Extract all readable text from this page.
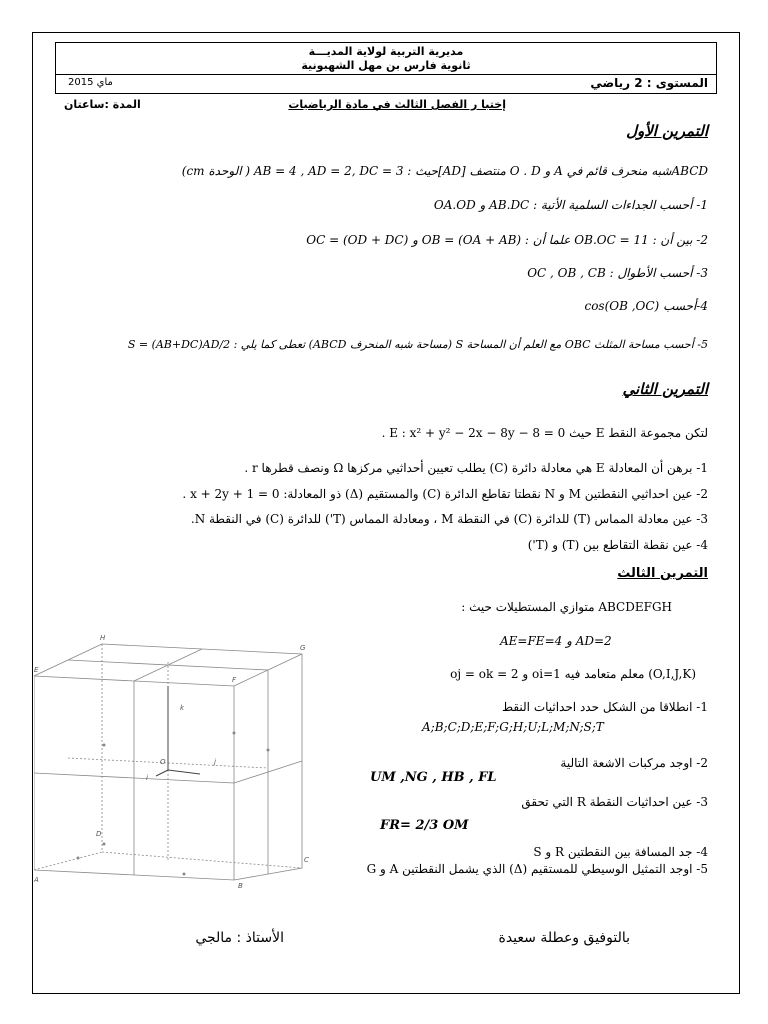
مديرية التربية لولاية المديـــة
ثانوية فارس بن مهل الشهبونية
المستوى : 2 رياضي
ماي 2015
إختبا ر الفصل الثالث في مادة الرياضيات
المدة :ساعتان
التمرين الأول
ABCDشبه منحرف قائم في A و O . D منتصف [AD]حيث : AB = 4 , AD = 2, DC = 3 ( الوحدة cm)
1- أحسب الجداءات السلمية الأتية : AB.DC و OA.OD
2- بين أن : OB.OC = 11 علما أن : OB = (OA + AB) و OC = (OD + DC)
3- أحسب الأطوال : OC , OB , CB
4-أحسب cos(OB ,OC)
5- أحسب مساحة المثلث OBC مع العلم أن المساحة S (مساحة شبه المنحرف ABCD) تعطى كما يلي : S = (AB+DC)AD/2
التمرين الثاني
لتكن مجموعة النقط E حيث E : x² + y² − 2x − 8y − 8 = 0 .
1- برهن أن المعادلة E هي معادلة دائرة (C) يطلب تعيين أحداثيي مركزها Ω ونصف قطرها r .
2- عين احداثيي النقطتين M و N نقطتا تقاطع الدائرة (C) والمستقيم (Δ) ذو المعادلة: x + 2y + 1 = 0 .
3- عين معادلة المماس (T) للدائرة (C) في النقطة M ، ومعادلة المماس (T') للدائرة (C) في النقطة N.
4- عين نقطة التقاطع بين (T) و (T')
التمرين الثالث
ABCDEFGH متوازي المستطيلات حيث :
AE=FE=4 و AD=2
(O,I,J,K) معلم متعامد فيه oi=1 و oj = ok = 2
1- انطلاقا من الشكل حدد احداثيات النقط
A;B;C;D;E;F;G;H;U;L;M;N;S;T
2- اوجد مركبات الاشعة التالية
UM ,NG , HB , FL
3- عين احداثيات النقطة R التي تحقق
FR= 2/3 OM
4- جد المسافة بين النقطتين R و S
5- اوجد التمثيل الوسيطي للمستقيم (Δ) الذي يشمل النقطتين A و G
H
G
E
F
A
B
C
D
O
i
j
k
بالتوفيق وعطلة سعيدة
الأستاذ : مالجي
